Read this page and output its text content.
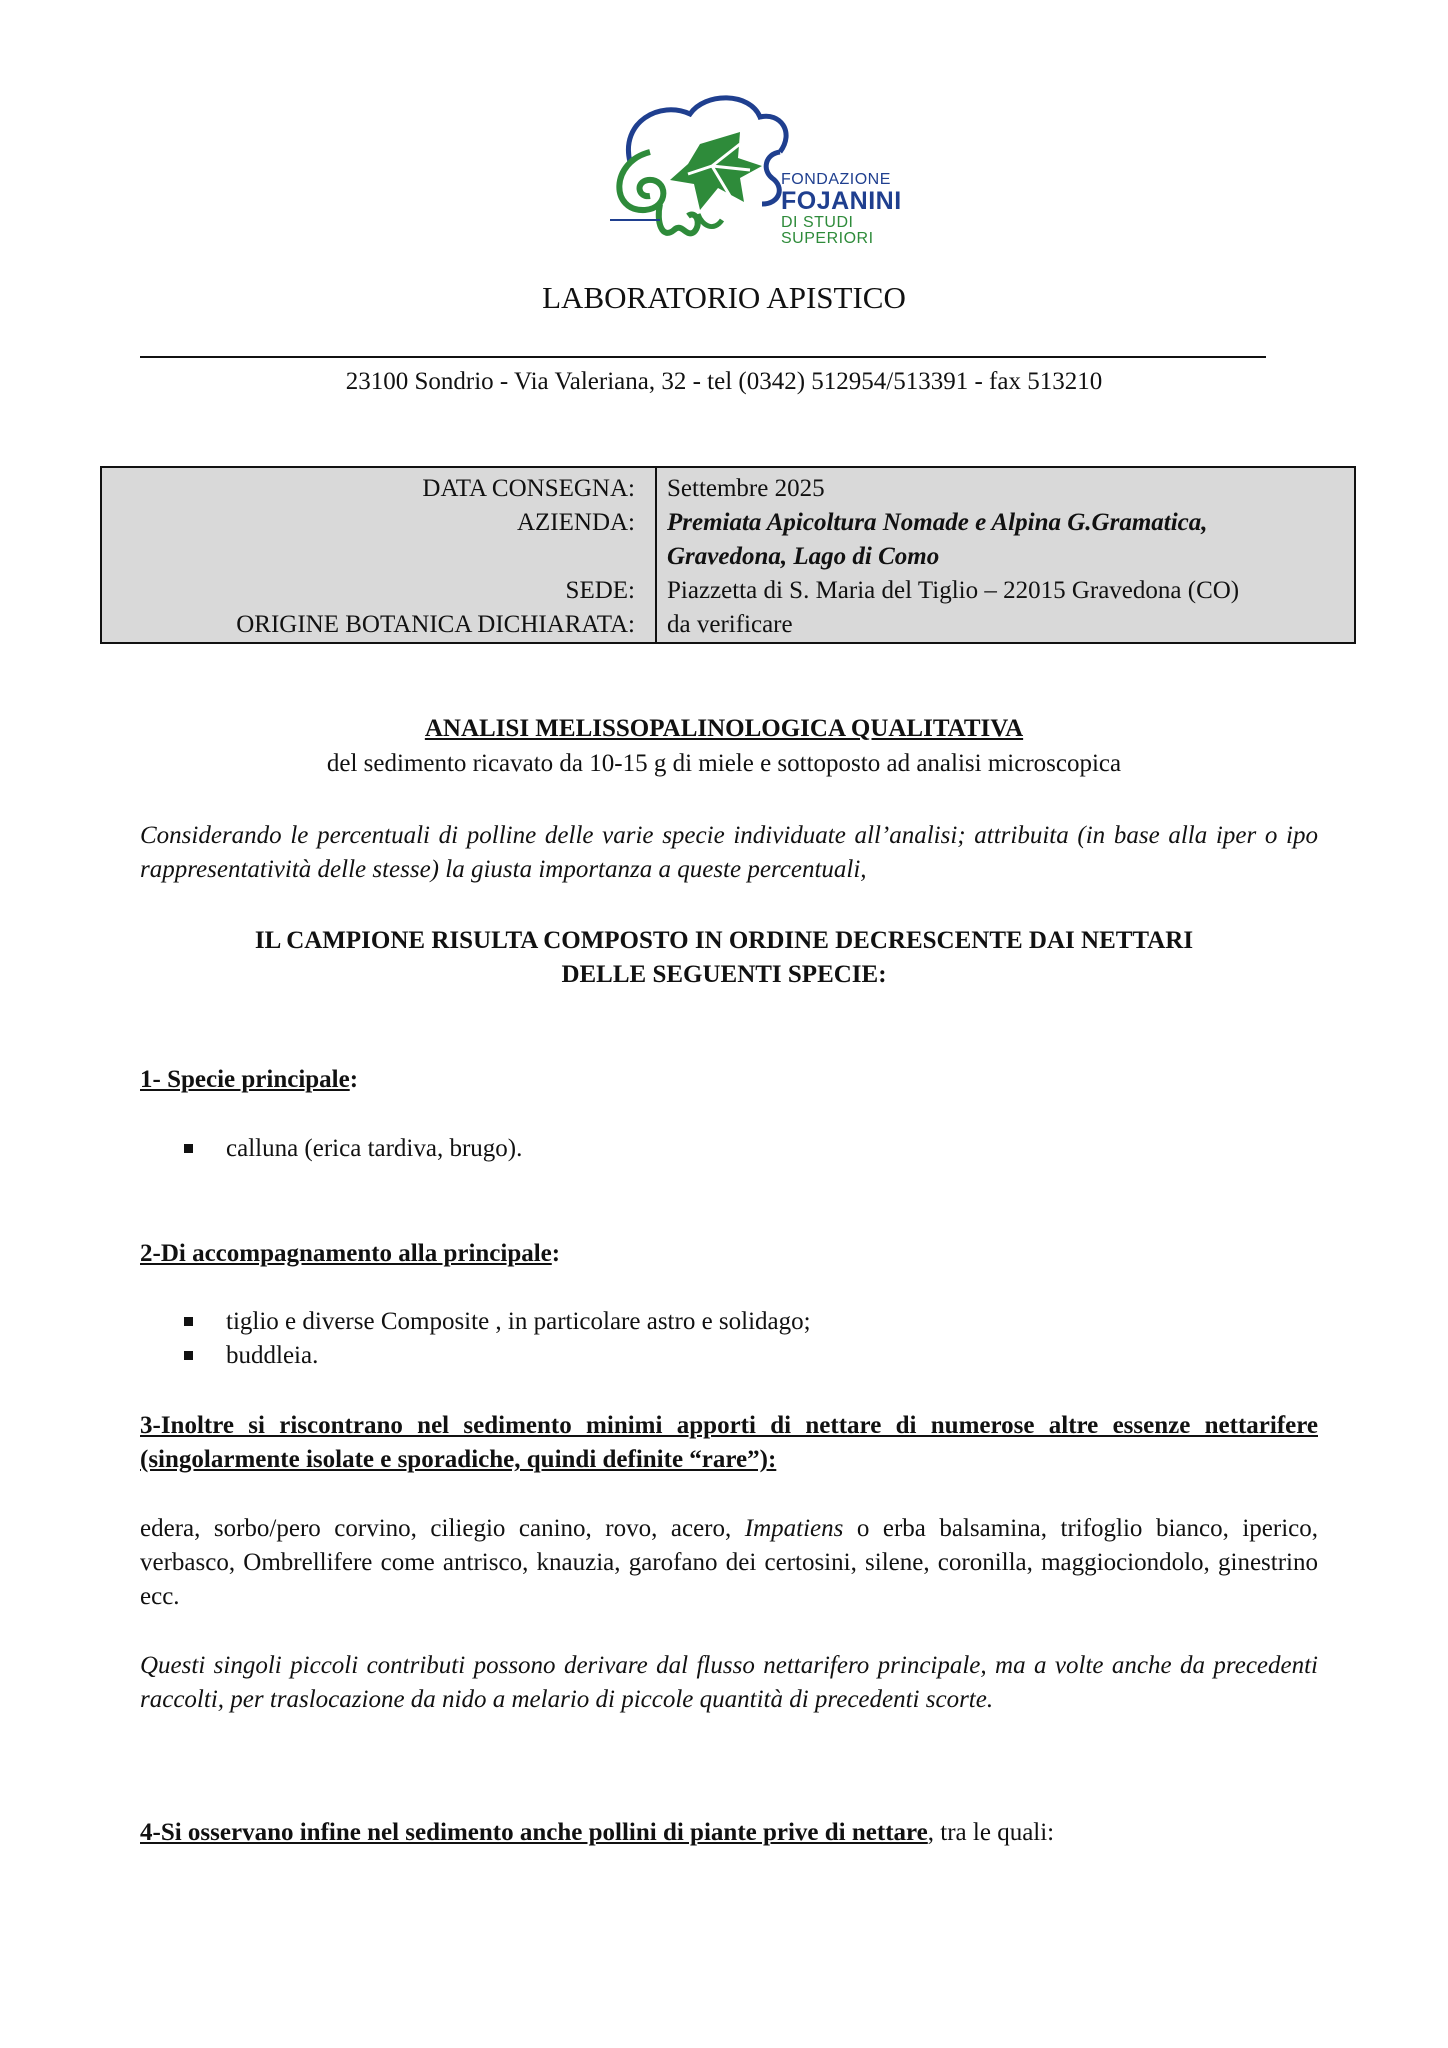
FONDAZIONE
FOJANINI
DI STUDI
SUPERIORI
LABORATORIO APISTICO
23100 Sondrio - Via Valeriana, 32 - tel (0342) 512954/513391 - fax 513210
DATA CONSEGNA:
AZIENDA:

SEDE:
ORIGINE BOTANICA DICHIARATA:
Settembre 2025
Premiata Apicoltura Nomade e Alpina G.Gramatica,
Gravedona, Lago di Como
Piazzetta di S. Maria del Tiglio – 22015 Gravedona (CO)
da verificare
ANALISI MELISSOPALINOLOGICA QUALITATIVA
del sedimento ricavato da 10-15 g di miele e sottoposto ad analisi microscopica
Considerando le percentuali di polline delle varie specie individuate all’analisi; attribuita (in base alla iper o ipo rappresentatività delle stesse) la giusta importanza a queste percentuali,
IL CAMPIONE RISULTA COMPOSTO IN ORDINE DECRESCENTE DAI NETTARI
DELLE SEGUENTI SPECIE:
1- Specie principale:
calluna (erica tardiva, brugo).
2-Di accompagnamento alla principale:
tiglio e diverse Composite , in particolare astro e solidago;
buddleia.
3-Inoltre si riscontrano nel sedimento minimi apporti di nettare di numerose altre essenze nettarifere (singolarmente isolate e sporadiche, quindi definite “rare”):
edera, sorbo/pero corvino, ciliegio canino, rovo, acero, Impatiens o erba balsamina, trifoglio bianco, iperico, verbasco, Ombrellifere come antrisco, knauzia, garofano dei certosini, silene, coronilla, maggiociondolo, ginestrino ecc.
Questi singoli piccoli contributi possono derivare dal flusso nettarifero principale, ma a volte anche da precedenti raccolti, per traslocazione da nido a melario di piccole quantità di precedenti scorte.
4-Si osservano infine nel sedimento anche pollini di piante prive di nettare, tra le quali:
